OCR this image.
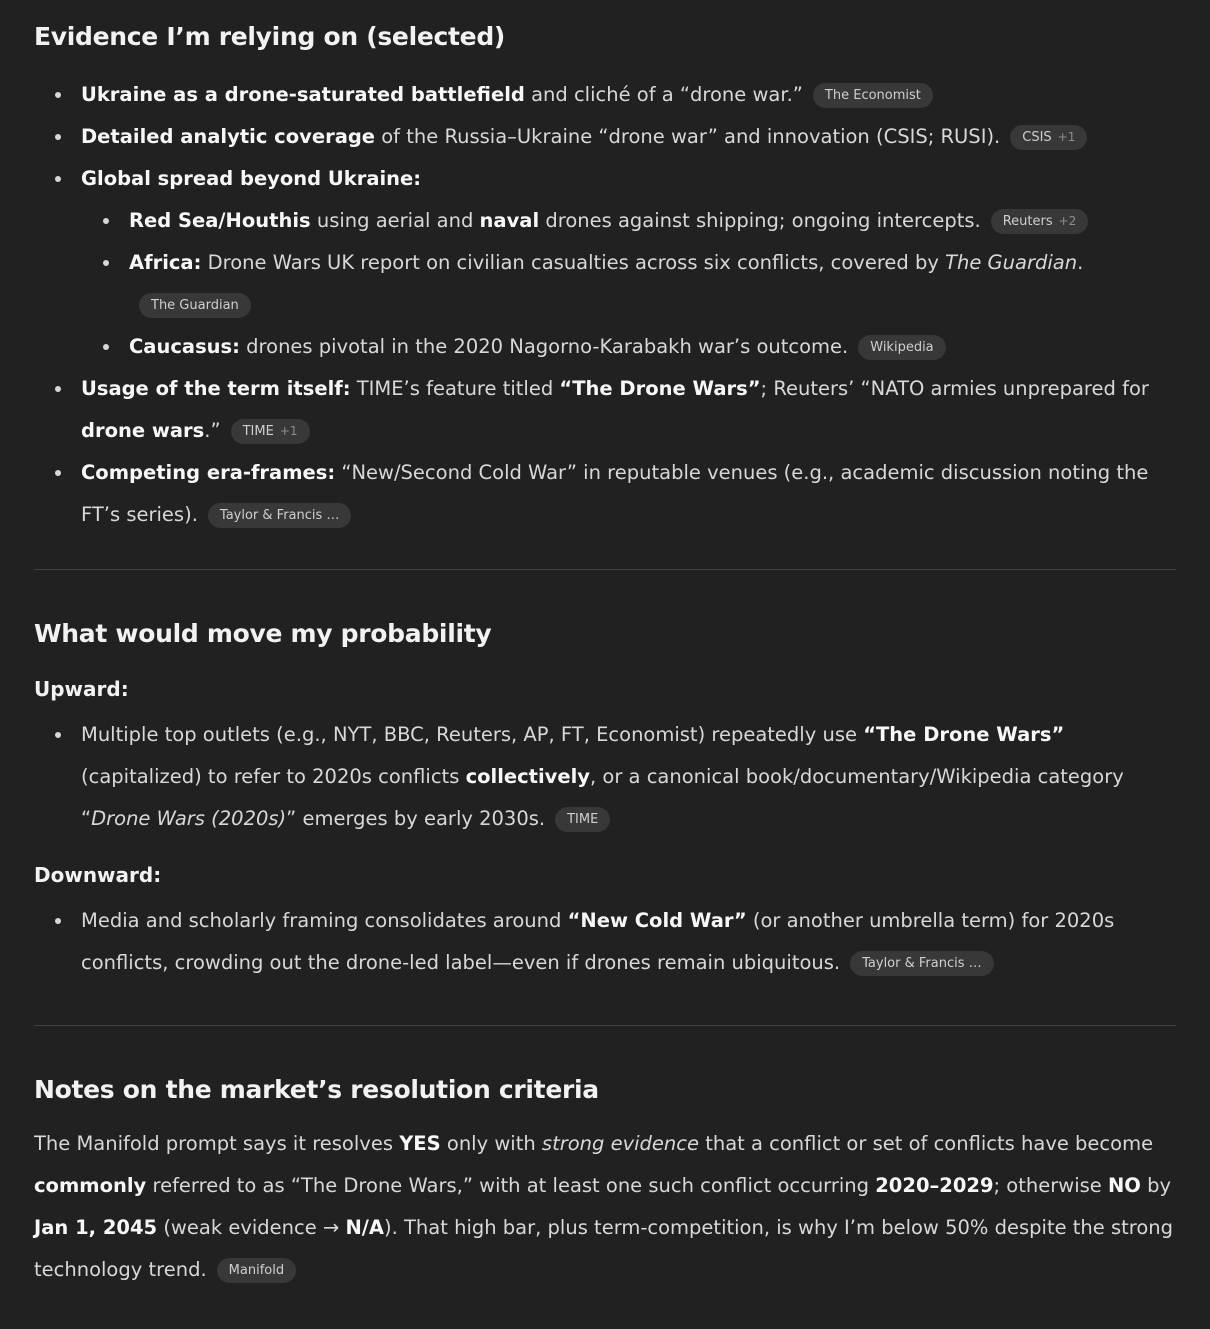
Evidence I’m relying on (selected)
Ukraine as a drone-saturated battlefield and cliché of a “drone war.” The Economist
Detailed analytic coverage of the Russia–Ukraine “drone war” and innovation (CSIS; RUSI). CSIS +1
Global spread beyond Ukraine:
Red Sea/Houthis using aerial and naval drones against shipping; ongoing intercepts. Reuters +2
Africa: Drone Wars UK report on civilian casualties across six conflicts, covered by The Guardian.The Guardian
Caucasus: drones pivotal in the 2020 Nagorno-Karabakh war’s outcome. Wikipedia
Usage of the term itself: TIME’s feature titled “The Drone Wars”; Reuters’ “NATO armies unprepared for drone wars.” TIME +1
Competing era-frames: “New/Second Cold War” in reputable venues (e.g., academic discussion noting the FT’s series). Taylor & Francis …
What would move my probability
Upward:
Multiple top outlets (e.g., NYT, BBC, Reuters, AP, FT, Economist) repeatedly use “The Drone Wars” (capitalized) to refer to 2020s conflicts collectively, or a canonical book/documentary/Wikipedia category “Drone Wars (2020s)” emerges by early 2030s. TIME
Downward:
Media and scholarly framing consolidates around “New Cold War” (or another umbrella term) for 2020s conflicts, crowding out the drone-led label—even if drones remain ubiquitous. Taylor & Francis …
Notes on the market’s resolution criteria

The Manifold prompt says it resolves YES only with strong evidence that a conflict or set of conflicts have become commonly referred to as “The Drone Wars,” with at least one such conflict occurring 2020–2029; otherwise NO by Jan 1, 2045 (weak evidence → N/A). That high bar, plus term-competition, is why I’m below 50% despite the strong technology trend. Manifold
